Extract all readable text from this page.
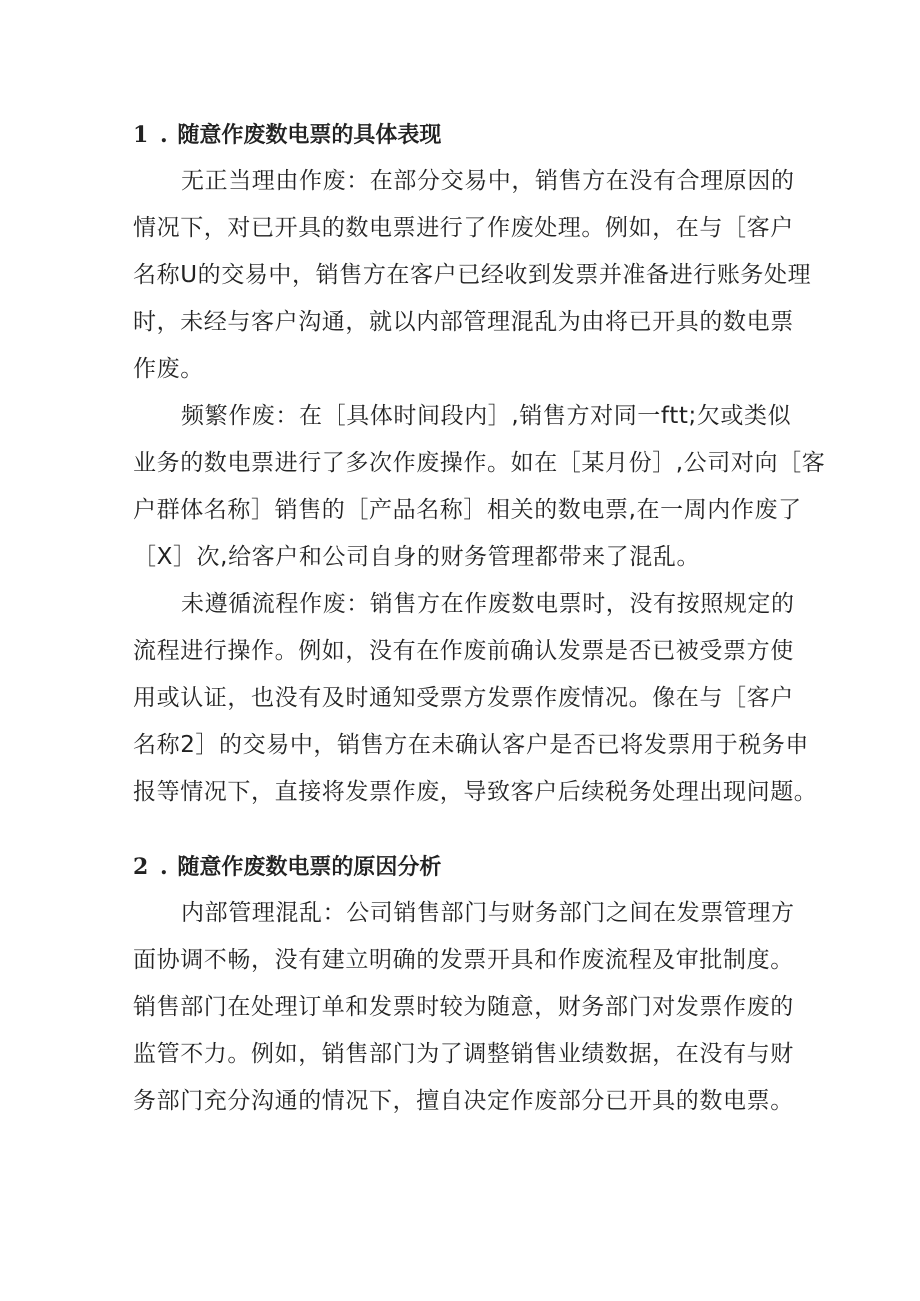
1 . 随意作废数电票的具体表现
无正当理由作废：在部分交易中，销售方在没有合理原因的
情况下，对已开具的数电票进行了作废处理。例如，在与［客户
名称U的交易中，销售方在客户已经收到发票并准备进行账务处理
时，未经与客户沟通，就以内部管理混乱为由将已开具的数电票
作废。
频繁作废：在［具体时间段内］,销售方对同一ftt;欠或类似
业务的数电票进行了多次作废操作。如在［某月份］,公司对向［客
户群体名称］销售的［产品名称］相关的数电票,在一周内作废了
［X］次,给客户和公司自身的财务管理都带来了混乱。
未遵循流程作废：销售方在作废数电票时，没有按照规定的
流程进行操作。例如，没有在作废前确认发票是否已被受票方使
用或认证，也没有及时通知受票方发票作废情况。像在与［客户
名称2］的交易中，销售方在未确认客户是否已将发票用于税务申
报等情况下，直接将发票作废，导致客户后续税务处理出现问题。
2 . 随意作废数电票的原因分析
内部管理混乱：公司销售部门与财务部门之间在发票管理方
面协调不畅，没有建立明确的发票开具和作废流程及审批制度。
销售部门在处理订单和发票时较为随意，财务部门对发票作废的
监管不力。例如，销售部门为了调整销售业绩数据，在没有与财
务部门充分沟通的情况下，擅自决定作废部分已开具的数电票。
